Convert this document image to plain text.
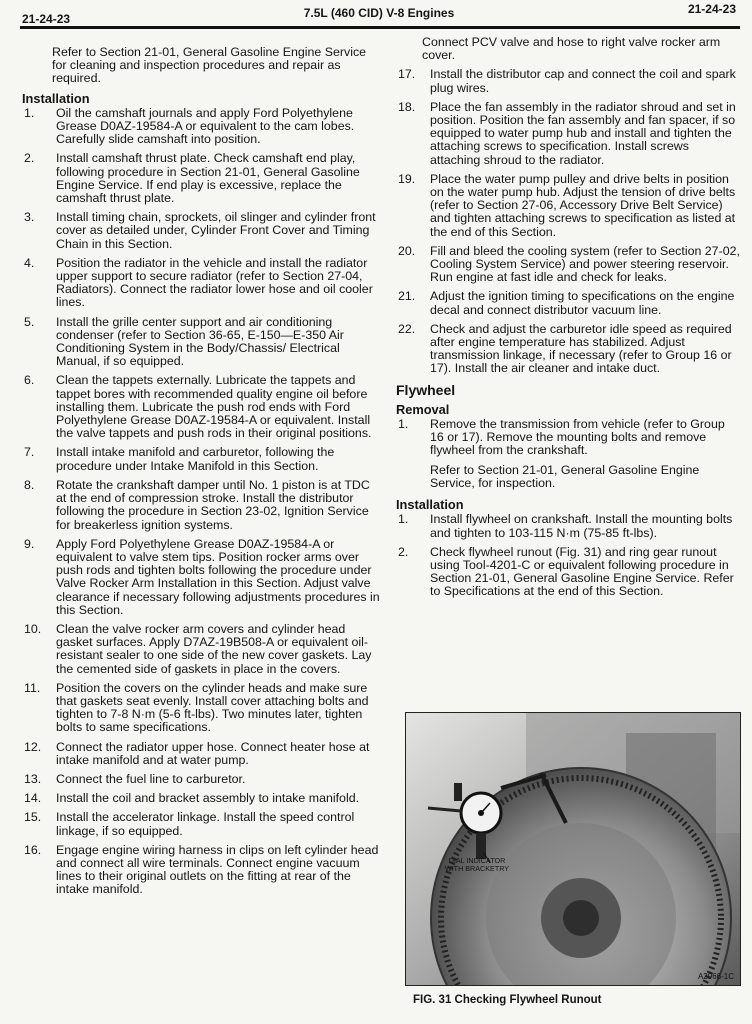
21-24-23	7.5L (460 CID) V-8 Engines	21-24-23
Refer to Section 21-01, General Gasoline Engine Service for cleaning and inspection procedures and repair as required.
Installation
1.	Oil the camshaft journals and apply Ford Polyethylene Grease D0AZ-19584-A or equivalent to the cam lobes. Carefully slide camshaft into position.
2.	Install camshaft thrust plate. Check camshaft end play, following procedure in Section 21-01, General Gasoline Engine Service. If end play is excessive, replace the camshaft thrust plate.
3.	Install timing chain, sprockets, oil slinger and cylinder front cover as detailed under, Cylinder Front Cover and Timing Chain in this Section.
4.	Position the radiator in the vehicle and install the radiator upper support to secure radiator (refer to Section 27-04, Radiators). Connect the radiator lower hose and oil cooler lines.
5.	Install the grille center support and air conditioning condenser (refer to Section 36-65, E-150—E-350 Air Conditioning System in the Body/Chassis/ Electrical Manual, if so equipped.
6.	Clean the tappets externally. Lubricate the tappets and tappet bores with recommended quality engine oil before installing them. Lubricate the push rod ends with Ford Polyethylene Grease D0AZ-19584-A or equivalent. Install the valve tappets and push rods in their original positions.
7.	Install intake manifold and carburetor, following the procedure under Intake Manifold in this Section.
8.	Rotate the crankshaft damper until No. 1 piston is at TDC at the end of compression stroke. Install the distributor following the procedure in Section 23-02, Ignition Service for breakerless ignition systems.
9.	Apply Ford Polyethylene Grease D0AZ-19584-A or equivalent to valve stem tips. Position rocker arms over push rods and tighten bolts following the procedure under Valve Rocker Arm Installation in this Section. Adjust valve clearance if necessary following adjustments procedures in this Section.
10.	Clean the valve rocker arm covers and cylinder head gasket surfaces. Apply D7AZ-19B508-A or equivalent oil-resistant sealer to one side of the new cover gaskets. Lay the cemented side of gaskets in place in the covers.
11.	Position the covers on the cylinder heads and make sure that gaskets seat evenly. Install cover attaching bolts and tighten to 7-8 N·m (5-6 ft-lbs). Two minutes later, tighten bolts to same specifications.
12.	Connect the radiator upper hose. Connect heater hose at intake manifold and at water pump.
13.	Connect the fuel line to carburetor.
14.	Install the coil and bracket assembly to intake manifold.
15.	Install the accelerator linkage. Install the speed control linkage, if so equipped.
16.	Engage engine wiring harness in clips on left cylinder head and connect all wire terminals. Connect engine vacuum lines to their original outlets on the fitting at rear of the intake manifold.
Connect PCV valve and hose to right valve rocker arm cover.
17.	Install the distributor cap and connect the coil and spark plug wires.
18.	Place the fan assembly in the radiator shroud and set in position. Position the fan assembly and fan spacer, if so equipped to water pump hub and install and tighten the attaching screws to specification. Install screws attaching shroud to the radiator.
19.	Place the water pump pulley and drive belts in position on the water pump hub. Adjust the tension of drive belts (refer to Section 27-06, Accessory Drive Belt Service) and tighten attaching screws to specification as listed at the end of this Section.
20.	Fill and bleed the cooling system (refer to Section 27-02, Cooling System Service) and power steering reservoir. Run engine at fast idle and check for leaks.
21.	Adjust the ignition timing to specifications on the engine decal and connect distributor vacuum line.
22.	Check and adjust the carburetor idle speed as required after engine temperature has stabilized. Adjust transmission linkage, if necessary (refer to Group 16 or 17). Install the air cleaner and intake duct.
Flywheel
Removal
1.	Remove the transmission from vehicle (refer to Group 16 or 17). Remove the mounting bolts and remove flywheel from the crankshaft.
Refer to Section 21-01, General Gasoline Engine Service, for inspection.
Installation
1.	Install flywheel on crankshaft. Install the mounting bolts and tighten to 103-115 N·m (75-85 ft-lbs).
2.	Check flywheel runout (Fig. 31) and ring gear runout using Tool-4201-C or equivalent following procedure in Section 21-01, General Gasoline Engine Service. Refer to Specifications at the end of this Section.
DIAL INDICATOR WITH BRACKETRY
A2966-1C
FIG. 31 Checking Flywheel Runout
